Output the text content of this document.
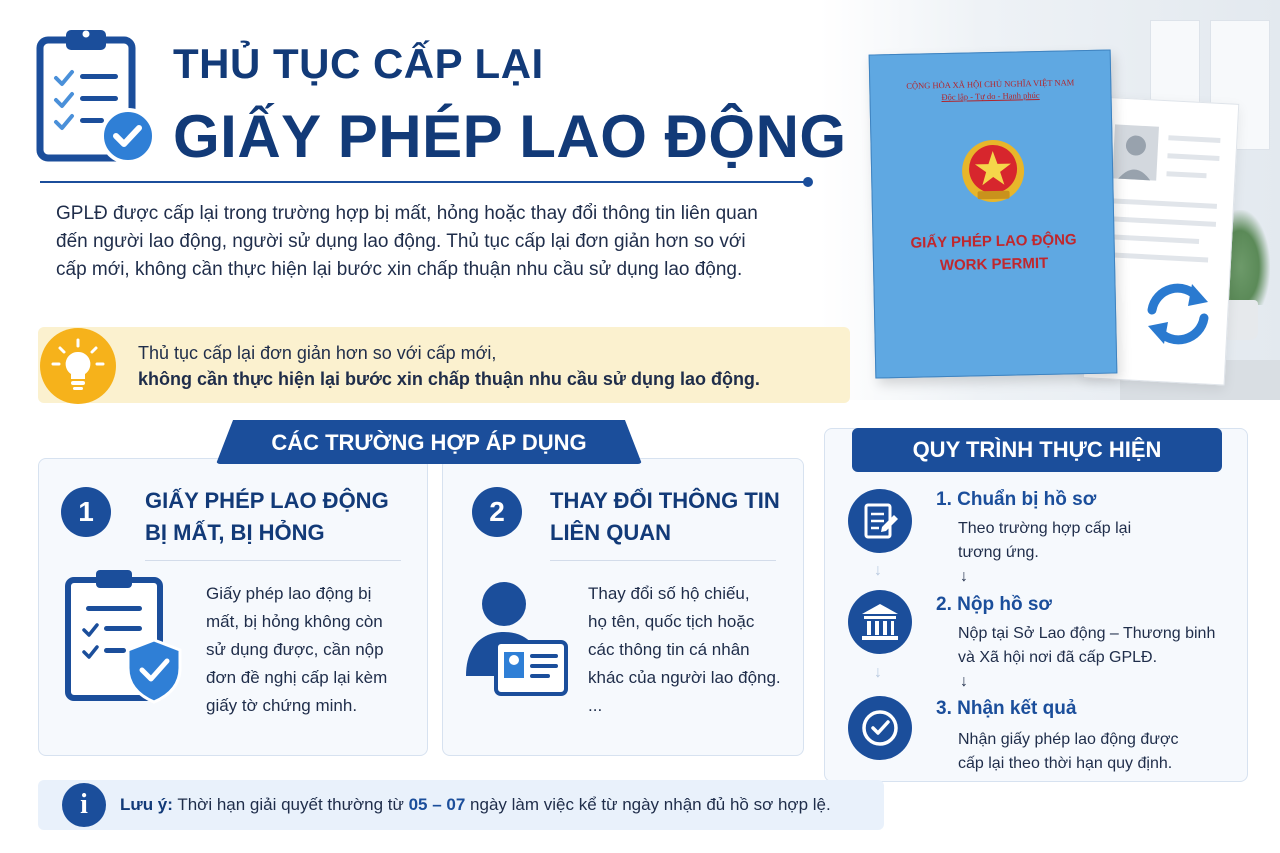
THỦ TỤC CẤP LẠI
GIẤY PHÉP LAO ĐỘNG

GPLĐ được cấp lại trong trường hợp bị mất, hỏng hoặc thay đổi thông tin liên quan đến người lao động, người sử dụng lao động. Thủ tục cấp lại đơn giản hơn so với cấp mới, không cần thực hiện lại bước xin chấp thuận nhu cầu sử dụng lao động.

Thủ tục cấp lại đơn giản hơn so với cấp mới,
không cần thực hiện lại bước xin chấp thuận nhu cầu sử dụng lao động.
CỘNG HÒA XÃ HỘI CHỦ NGHĨA VIỆT NAM
Độc lập - Tự do - Hạnh phúc
GIẤY PHÉP LAO ĐỘNG
WORK PERMIT
CÁC TRƯỜNG HỢP ÁP DỤNG
1	GIẤY PHÉP LAO ĐỘNG
BỊ MẤT, BỊ HỎNG
Giấy phép lao động bị
mất, bị hỏng không còn
sử dụng được, cần nộp
đơn đề nghị cấp lại kèm
giấy tờ chứng minh.
2	THAY ĐỔI THÔNG TIN
LIÊN QUAN
Thay đổi số hộ chiếu,
họ tên, quốc tịch hoặc
các thông tin cá nhân
khác của người lao động.
...
QUY TRÌNH THỰC HIỆN
1. Chuẩn bị hồ sơ
Theo trường hợp cấp lại
tương ứng.
↓
↓
2. Nộp hồ sơ
Nộp tại Sở Lao động – Thương binh
và Xã hội nơi đã cấp GPLĐ.
↓
↓
3. Nhận kết quả
Nhận giấy phép lao động được
cấp lại theo thời hạn quy định.
i	Lưu ý: Thời hạn giải quyết thường từ 05 – 07 ngày làm việc kể từ ngày nhận đủ hồ sơ hợp lệ.
